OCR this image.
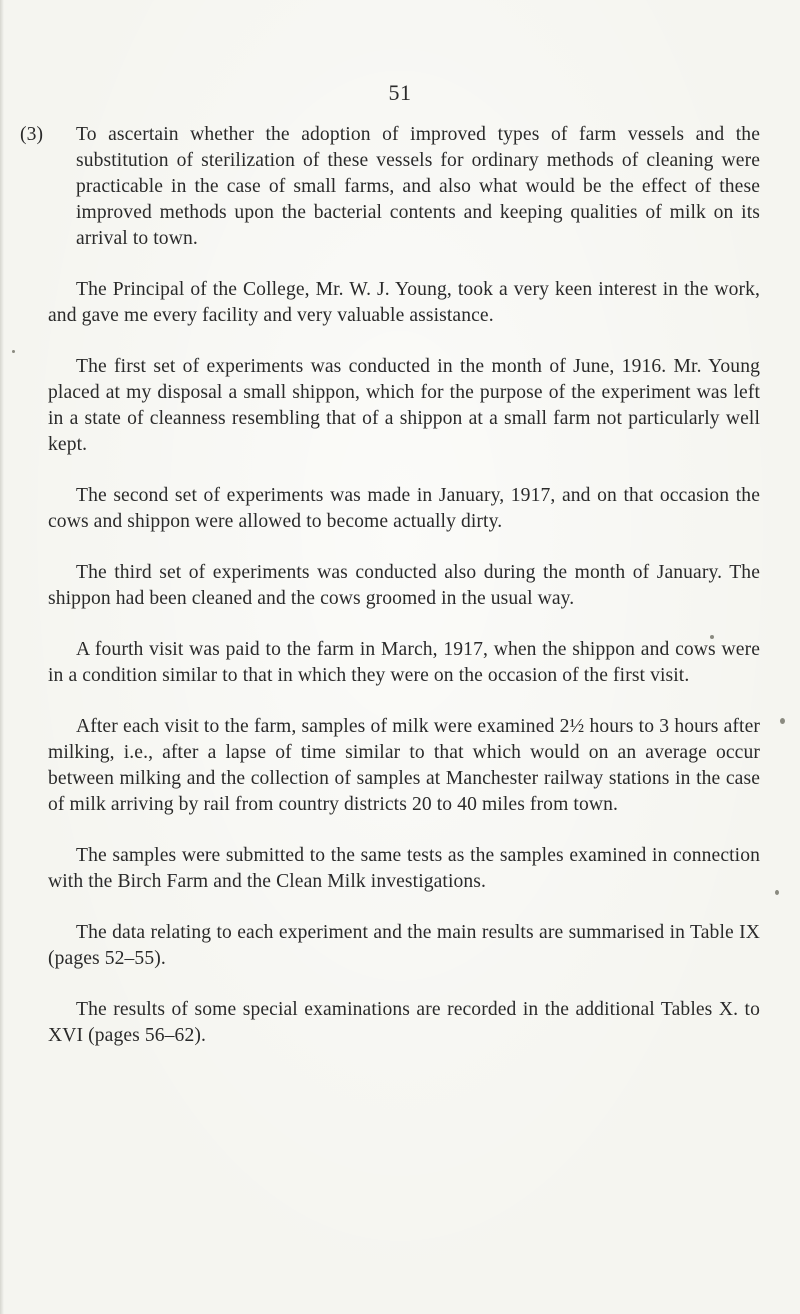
51

(3) To ascertain whether the adoption of improved types of farm vessels and the substitution of sterilization of these vessels for ordinary methods of cleaning were practicable in the case of small farms, and also what would be the effect of these improved methods upon the bacterial contents and keeping qualities of milk on its arrival to town.

The Principal of the College, Mr. W. J. Young, took a very keen interest in the work, and gave me every facility and very valuable assistance.

The first set of experiments was conducted in the month of June, 1916. Mr. Young placed at my disposal a small shippon, which for the purpose of the experiment was left in a state of cleanness resembling that of a shippon at a small farm not particularly well kept.

The second set of experiments was made in January, 1917, and on that occasion the cows and shippon were allowed to become actually dirty.

The third set of experiments was conducted also during the month of January. The shippon had been cleaned and the cows groomed in the usual way.

A fourth visit was paid to the farm in March, 1917, when the shippon and cows were in a condition similar to that in which they were on the occasion of the first visit.

After each visit to the farm, samples of milk were examined 2½ hours to 3 hours after milking, i.e., after a lapse of time similar to that which would on an average occur between milking and the collection of samples at Manchester railway stations in the case of milk arriving by rail from country districts 20 to 40 miles from town.

The samples were submitted to the same tests as the samples examined in connection with the Birch Farm and the Clean Milk investigations.

The data relating to each experiment and the main results are summarised in Table IX (pages 52–55).

The results of some special examinations are recorded in the additional Tables X. to XVI (pages 56–62).
